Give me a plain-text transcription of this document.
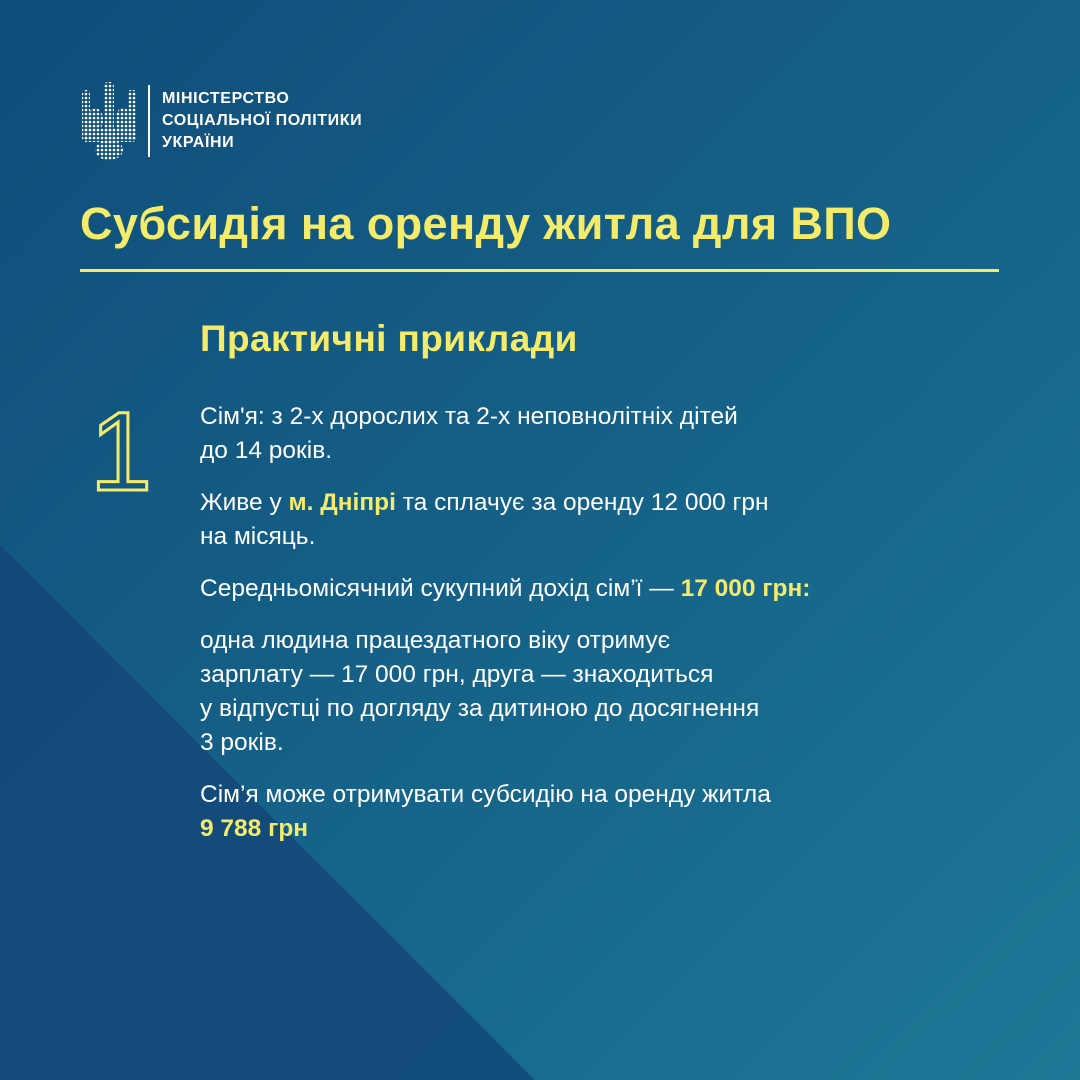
МІНІСТЕРСТВО
СОЦІАЛЬНОЇ ПОЛІТИКИ
УКРАЇНИ
Субсидія на оренду житла для ВПО
Практичні приклади
1 Сім'я: з 2-х дорослих та 2-х неповнолітніх дітей
до 14 років.

Живе у м. Дніпрі та сплачує за оренду 12 000 грн
на місяць.

Середньомісячний сукупний дохід сім’ї — 17 000 грн:

одна людина працездатного віку отримує
зарплату — 17 000 грн, друга — знаходиться
у відпустці по догляду за дитиною до досягнення
3 років.

Сім’я може отримувати субсидію на оренду житла
9 788 грн
